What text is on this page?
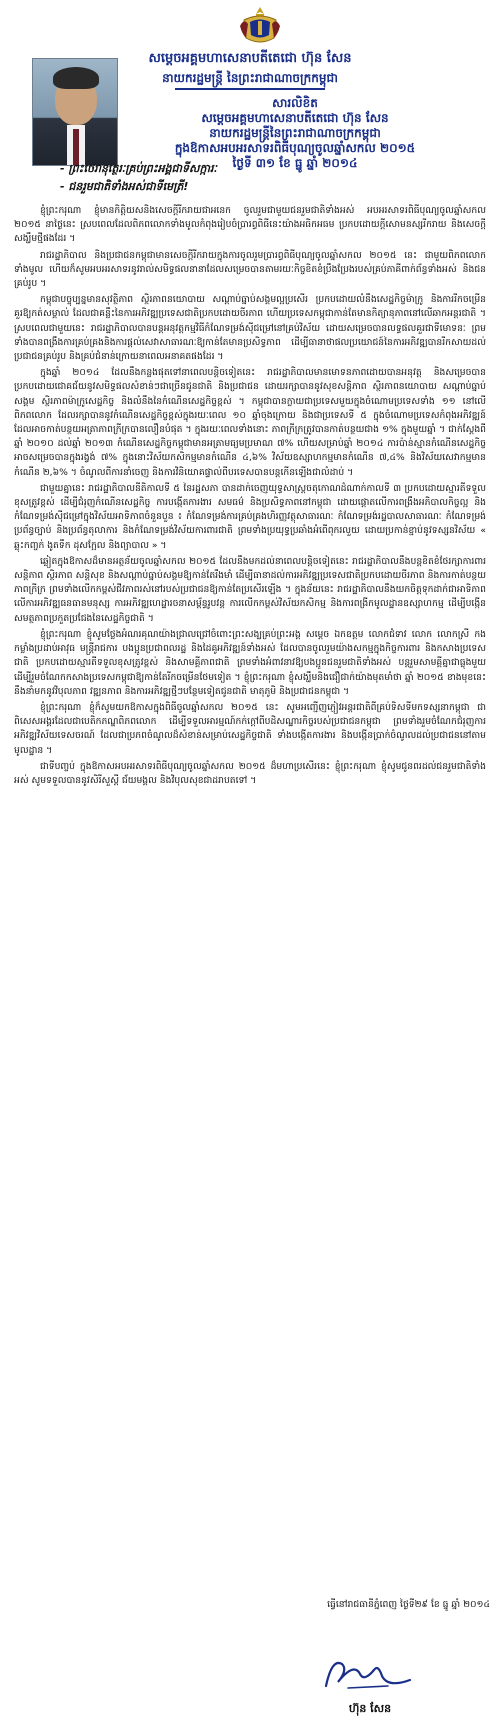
សម្តេចអគ្គមហាសេនាបតីតេជោ ហ៊ុន សែន
នាយករដ្ឋមន្ត្រី នៃព្រះរាជាណាចក្រកម្ពុជា
សារលិខិត
សម្តេចអគ្គមហាសេនាបតីតេជោ ហ៊ុន សែន
នាយករដ្ឋមន្ត្រីនៃព្រះរាជាណាចក្រកម្ពុជា
ក្នុងឱកាសអបអរសាទរពិធីបុណ្យចូលឆ្នាំសកល ២០១៥
ថ្ងៃទី ៣១ ខែ ធ្នូ ឆ្នាំ ២០១៤
- ព្រះថេរានុត្ថេរៈគ្រប់ព្រះអង្គជាទីសក្ការៈ
- ជនរួមជាតិទាំងអស់ជាទីមេត្រី!

ខ្ញុំព្រះករុណា ខ្ញុំមានកិត្តិយសនិងសេចក្តីរីករាយជាអនេក ចូលរួមជាមួយជនរួមជាតិទាំងអស់ អបអរសាទរពិធីបុណ្យចូលឆ្នាំសកល ២០១៥ នាថ្ងៃនេះ ស្របពេលដែលពិភពលោកទាំងមូលកំពុងរៀបចំប្រារព្ធពិធីនេះយ៉ាងអធិកអធម ប្រកបដោយក្តីសោមនស្សរីករាយ និងសេចក្តីសង្ឃឹមថ្មីផងដែរ ។

រាជរដ្ឋាភិបាល និងប្រជាជនកម្ពុជាមានសេចក្តីរីករាយក្នុងការចូលរួមប្រារព្ធពិធីបុណ្យចូលឆ្នាំសកល ២០១៥ នេះ ជាមួយពិភពលោកទាំងមូល ហើយក៏សូមអបអរសាទរនូវរាល់សមិទ្ធផលនានាដែលសម្រេចបានតាមរយៈកិច្ចខិតខំប្រឹងប្រែងរបស់គ្រប់ភាគីពាក់ព័ន្ធទាំងអស់ និងជនគ្រប់រូប ។

កម្ពុជាបច្ចុប្បន្នមានសុវត្ថិភាព ស្ថិរភាពនយោបាយ សណ្តាប់ធ្នាប់សង្គមល្អប្រសើរ ប្រកបដោយលំនឹងសេដ្ឋកិច្ចម៉ាក្រូ និងការរីកចម្រើនគួរឱ្យកត់សម្គាល់ ដែលជាគន្លឹះនៃការអភិវឌ្ឍប្រទេសជាតិប្រកបដោយចីរភាព ហើយប្រទេសកម្ពុជាកាន់តែមានកិត្យានុភាពនៅលើឆាកអន្តរជាតិ ។ ស្របពេលជាមួយនេះ រាជរដ្ឋាភិបាលបានបន្តអនុវត្តកម្មវិធីកំណែទម្រង់ស៊ីជម្រៅនៅគ្រប់វិស័យ ដោយសម្រេចបានលទ្ធផលគួរជាទីមោទនៈ ព្រមទាំងបានពង្រឹងការគ្រប់គ្រងនិងការផ្តល់សេវាសាធារណៈឱ្យកាន់តែមានប្រសិទ្ធភាព ដើម្បីធានាថាផលប្រយោជន៍នៃការអភិវឌ្ឍបានរីកសាយដល់ប្រជាជនគ្រប់រូប និងគ្រប់ជំនាន់ក្រោយនាពេលអនាគតផងដែរ ។

ក្នុងឆ្នាំ ២០១៤ ដែលនឹងកន្លងផុតទៅនាពេលបន្តិចទៀតនេះ រាជរដ្ឋាភិបាលមានមោទនភាពដោយបានអនុវត្ត និងសម្រេចបានប្រកបដោយជោគជ័យនូវសមិទ្ធផលសំខាន់ៗជាច្រើនជូនជាតិ និងប្រជាជន ដោយរក្សាបាននូវសុខសន្តិភាព ស្ថិរភាពនយោបាយ សណ្តាប់ធ្នាប់សង្គម ស្ថិរភាពម៉ាក្រូសេដ្ឋកិច្ច និងលំនឹងនៃកំណើនសេដ្ឋកិច្ចខ្ពស់ ។ កម្ពុជាបានក្លាយជាប្រទេសមួយក្នុងចំណោមប្រទេសទាំង ១១ នៅលើពិភពលោក ដែលរក្សាបាននូវកំណើនសេដ្ឋកិច្ចខ្ពស់ក្នុងរយៈពេល ១០ ឆ្នាំចុងក្រោយ និងជាប្រទេសទី ៥ ក្នុងចំណោមប្រទេសកំពុងអភិវឌ្ឍន៍ ដែលអាចកាត់បន្ថយអត្រាភាពក្រីក្របានលឿនបំផុត ។ ក្នុងរយៈពេលទាំងនោះ ភាពក្រីក្រត្រូវបានកាត់បន្ថយជាង ១% ក្នុងមួយឆ្នាំ ។ ជាក់ស្តែងពីឆ្នាំ ២០១០ ដល់ឆ្នាំ ២០១៣ កំណើនសេដ្ឋកិច្ចកម្ពុជាមានអត្រាមធ្យមប្រមាណ ៧% ហើយសម្រាប់ឆ្នាំ ២០១៤ ការប៉ាន់ស្មានកំណើនសេដ្ឋកិច្ចអាចសម្រេចបានក្នុងរង្វង់ ៧% ក្នុងនោះវិស័យកសិកម្មមានកំណើន ៤,៦% វិស័យឧស្សាហកម្មមានកំណើន ៧,៤% និងវិស័យសេវាកម្មមានកំណើន ២,៦% ។ ចំណូលពីការនាំចេញ និងការវិនិយោគផ្ទាល់ពីបរទេសបានបន្តកើនឡើងជាលំដាប់ ។

ជាមួយគ្នានេះ រាជរដ្ឋាភិបាលនីតិកាលទី ៥ នៃរដ្ឋសភា បានដាក់ចេញយុទ្ធសាស្ត្រចតុកោណដំណាក់កាលទី ៣ ប្រកបដោយស្មារតីទទួលខុសត្រូវខ្ពស់ ដើម្បីជំរុញកំណើនសេដ្ឋកិច្ច ការបង្កើតការងារ សមធម៌ និងប្រសិទ្ធភាពនៅកម្ពុជា ដោយផ្តោតលើការពង្រឹងអភិបាលកិច្ចល្អ និងកំណែទម្រង់ស៊ីជម្រៅក្នុងវិស័យអាទិភាពចំនួនបួន ៖ កំណែទម្រង់ការគ្រប់គ្រងហិរញ្ញវត្ថុសាធារណៈ កំណែទម្រង់រដ្ឋបាលសាធារណៈ កំណែទម្រង់ប្រព័ន្ធច្បាប់ និងប្រព័ន្ធតុលាការ និងកំណែទម្រង់វិស័យការពារជាតិ ព្រមទាំងប្រយុទ្ធប្រឆាំងអំពើពុករលួយ ដោយប្រកាន់ខ្ជាប់នូវទស្សនវិស័យ « ឆ្លុះកញ្ចក់ ងូតទឹក ដុសក្អែល និងព្យាបាល » ។

ឆ្លៀតក្នុងឱកាសដ៏មានអត្ថន័យចូលឆ្នាំសកល ២០១៥ ដែលនឹងមកដល់នាពេលបន្តិចទៀតនេះ រាជរដ្ឋាភិបាលនឹងបន្តខិតខំថែរក្សាការពារសន្តិភាព ស្ថិរភាព សន្តិសុខ និងសណ្តាប់ធ្នាប់សង្គមឱ្យកាន់តែរឹងមាំ ដើម្បីធានាដល់ការអភិវឌ្ឍប្រទេសជាតិប្រកបដោយចីរភាព និងការកាត់បន្ថយភាពក្រីក្រ ព្រមទាំងលើកកម្ពស់ជីវភាពរស់នៅរបស់ប្រជាជនឱ្យកាន់តែប្រសើរឡើង ។ ក្នុងន័យនេះ រាជរដ្ឋាភិបាលនឹងយកចិត្តទុកដាក់ជាអាទិភាពលើការអភិវឌ្ឍធនធានមនុស្ស ការអភិវឌ្ឍហេដ្ឋារចនាសម្ព័ន្ធរូបវន្ត ការលើកកម្ពស់វិស័យកសិកម្ម និងការពង្រីកមូលដ្ឋានឧស្សាហកម្ម ដើម្បីបង្កើនសមត្ថភាពប្រកួតប្រជែងនៃសេដ្ឋកិច្ចជាតិ ។

ខ្ញុំព្រះករុណា ខ្ញុំសូមថ្លែងអំណរគុណយ៉ាងជ្រាលជ្រៅចំពោះព្រះសង្ឃគ្រប់ព្រះអង្គ សម្តេច ឯកឧត្តម លោកជំទាវ លោក លោកស្រី កងកម្លាំងប្រដាប់អាវុធ មន្ត្រីរាជការ បងប្អូនប្រជាពលរដ្ឋ និងដៃគូអភិវឌ្ឍន៍ទាំងអស់ ដែលបានចូលរួមយ៉ាងសកម្មក្នុងកិច្ចការពារ និងកសាងប្រទេសជាតិ ប្រកបដោយស្មារតីទទួលខុសត្រូវខ្ពស់ និងសាមគ្គីភាពជាតិ ព្រមទាំងអំពាវនាវឱ្យបងប្អូនជនរួមជាតិទាំងអស់ បន្តរួមសាមគ្គីគ្នាជាធ្លុងមួយ ដើម្បីរួមចំណែកកសាងប្រទេសកម្ពុជាឱ្យកាន់តែរីកចម្រើនថែមទៀត ។ ខ្ញុំព្រះករុណា ខ្ញុំសង្ឃឹមនិងជឿជាក់យ៉ាងមុតមាំថា ឆ្នាំ ២០១៥ ខាងមុខនេះ នឹងនាំមកនូវវិបុលភាព វឌ្ឍនភាព និងការអភិវឌ្ឍថ្មីៗបន្ថែមទៀតជូនជាតិ មាតុភូមិ និងប្រជាជនកម្ពុជា ។

ខ្ញុំព្រះករុណា ខ្ញុំក៏សូមយកឱកាសក្នុងពិធីចូលឆ្នាំសកល ២០១៥ នេះ សូមអញ្ជើញភ្ញៀវអន្តរជាតិពីគ្រប់ទិសទីមកទស្សនាកម្ពុជា ជាពិសេសអង្គរដែលជាបេតិកភណ្ឌពិភពលោក ដើម្បីទទួលអារម្មណ៍កក់ក្តៅពីបដិសណ្ឋារកិច្ចរបស់ប្រជាជនកម្ពុជា ព្រមទាំងរួមចំណែកជំរុញការអភិវឌ្ឍវិស័យទេសចរណ៍ ដែលជាប្រភពចំណូលដ៏សំខាន់សម្រាប់សេដ្ឋកិច្ចជាតិ ទាំងបង្កើតការងារ និងបង្កើនប្រាក់ចំណូលដល់ប្រជាជននៅតាមមូលដ្ឋាន ។

ជាទីបញ្ចប់ ក្នុងឱកាសអបអរសាទរពិធីបុណ្យចូលឆ្នាំសកល ២០១៥ ដ៏មហាប្រសើរនេះ ខ្ញុំព្រះករុណា ខ្ញុំសូមជូនពរដល់ជនរួមជាតិទាំងអស់ សូមទទួលបាននូវសិរីសួស្តី ជ័យមង្គល និងវិបុលសុខជាដរាបតទៅ ។

ធ្វើនៅរាជធានីភ្នំពេញ ថ្ងៃទី២៩ ខែ ធ្នូ ឆ្នាំ ២០១៤
ហ៊ុន សែន
